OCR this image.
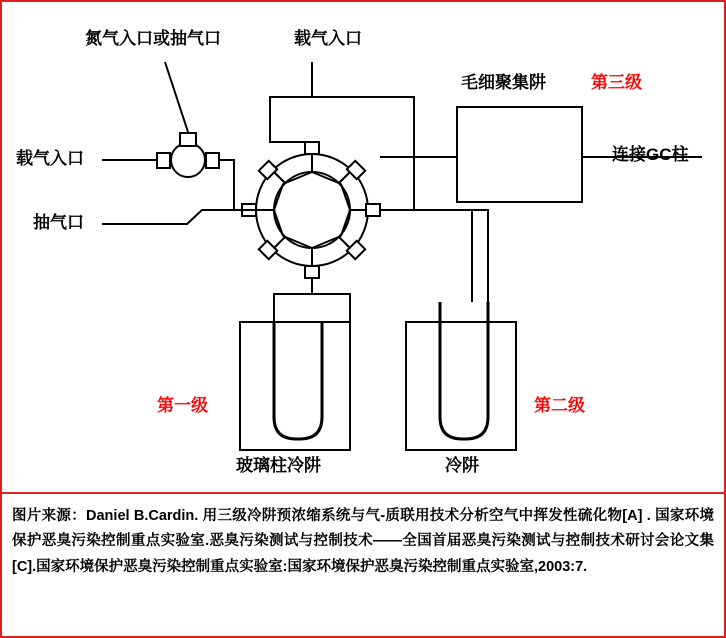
氮气入口或抽气口	载气入口
载气入口
抽气口
毛细聚集阱	第三级
连接GC柱
第一级	第二级
玻璃柱冷阱	冷阱
图片来源：Daniel B.Cardin. 用三级冷阱预浓缩系统与气-质联用技术分析空气中挥发性硫化物[A] . 国家环境保护恶臭污染控制重点实验室.恶臭污染测试与控制技术——全国首届恶臭污染测试与控制技术研讨会论文集[C].国家环境保护恶臭污染控制重点实验室:国家环境保护恶臭污染控制重点实验室,2003:7.
